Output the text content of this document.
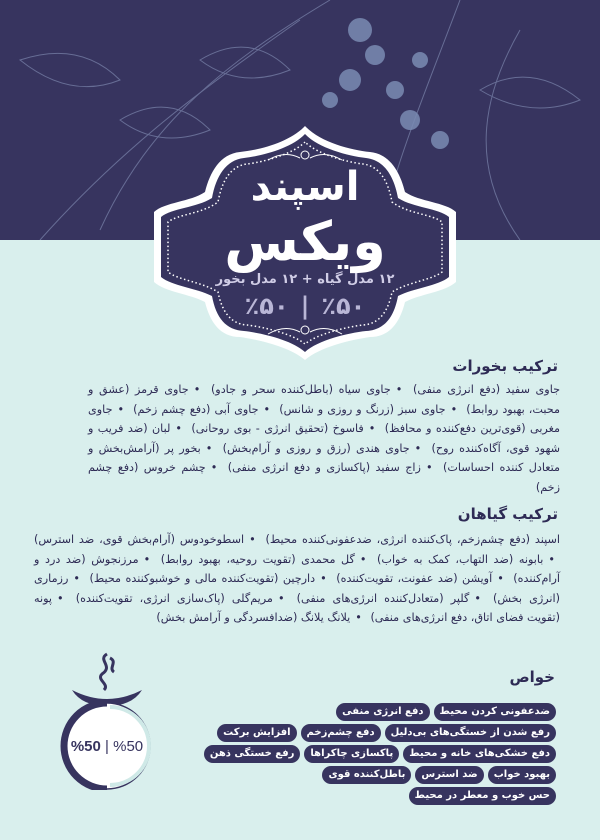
اسپند
ویکس
۱۲ مدل گیاه + ۱۲ مدل بخور
٪۵۰|٪۵۰
ترکیب بخورات
جاوی سفید (دفع انرژی منفی) •جاوی سیاه (باطل‌کننده سحر و جادو) •جاوی قرمز (عشق و محبت، بهبود روابط) •جاوی سبز (زرنگ و روزی و شانس) •جاوی آبی (دفع چشم زخم) •جاوی مغربی (قوی‌ترین دفع‌کننده و محافظ) •فاسوخ (تحقیق انرژی - بوی روحانی) •لبان (ضد فریب و شهود قوی، آگاه‌کننده روح) •جاوی هندی (رزق و روزی و آرام‌بخش) •بخور پر (آرامش‌بخش و متعادل کننده احساسات) •زاج سفید (پاکسازی و دفع انرژی منفی) •چشم خروس (دفع چشم زخم)
ترکیب گیاهان
اسپند (دفع چشم‌زخم، پاک‌کننده انرژی، ضدعفونی‌کننده محیط) •اسطوخودوس (آرام‌بخش قوی، ضد استرس) •بابونه (ضد التهاب، کمک به خواب) •گل محمدی (تقویت روحیه، بهبود روابط) •مرزنجوش (ضد درد و آرام‌کننده) •آویشن (ضد عفونت، تقویت‌کننده) •دارچین (تقویت‌کننده مالی و خوشبوکننده محیط) •رزماری (انرژی بخش) •گلپر (متعادل‌کننده انرژی‌های منفی) •مریم‌گلی (پاک‌سازی انرژی، تقویت‌کننده) •پونه (تقویت فضای اتاق، دفع انرژی‌های منفی) •یلانگ یلانگ (ضدافسردگی و آرامش بخش)
خواص
ضدعفونی کردن محیط
دفع انرژی منفی
رفع شدن از خستگی‌های بی‌دلیل
دفع چشم‌زخم
افزایش برکت
دفع خشکی‌های خانه و محیط
پاکسازی چاکراها
رفع خستگی ذهن
بهبود خواب
ضد استرس
باطل‌کننده قوی
حس خوب و معطر در محیط
%50 | %50
